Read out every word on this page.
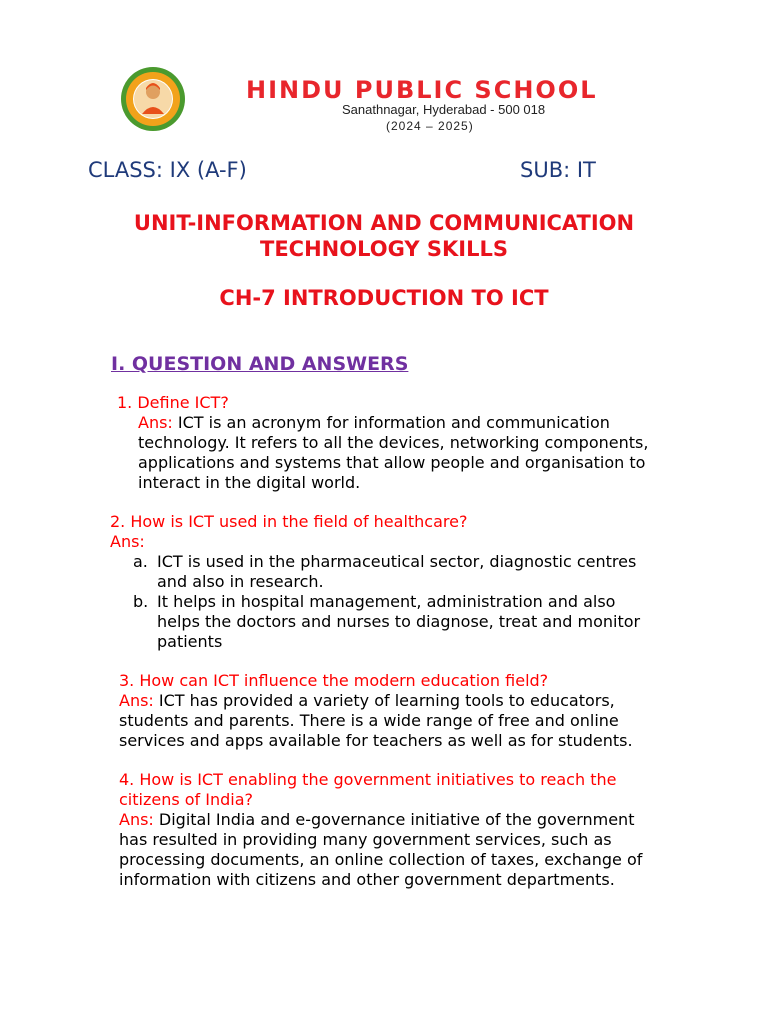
HINDU PUBLIC SCHOOL
Sanathnagar, Hyderabad - 500 018
(2024 – 2025)
CLASS: IX (A-F)	SUB: IT
UNIT-INFORMATION AND COMMUNICATION
TECHNOLOGY SKILLS
CH-7 INTRODUCTION TO ICT
I. QUESTION AND ANSWERS
1. Define ICT?
Ans: ICT is an acronym for information and communication
technology. It refers to all the devices, networking components,
applications and systems that allow people and organisation to
interact in the digital world.
2. How is ICT used in the field of healthcare?
Ans:
a. ICT is used in the pharmaceutical sector, diagnostic centres
and also in research.
b. It helps in hospital management, administration and also
helps the doctors and nurses to diagnose, treat and monitor
patients
3. How can ICT influence the modern education field?
Ans: ICT has provided a variety of learning tools to educators,
students and parents. There is a wide range of free and online
services and apps available for teachers as well as for students.
4. How is ICT enabling the government initiatives to reach the
citizens of India?
Ans: Digital India and e-governance initiative of the government
has resulted in providing many government services, such as
processing documents, an online collection of taxes, exchange of
information with citizens and other government departments.
